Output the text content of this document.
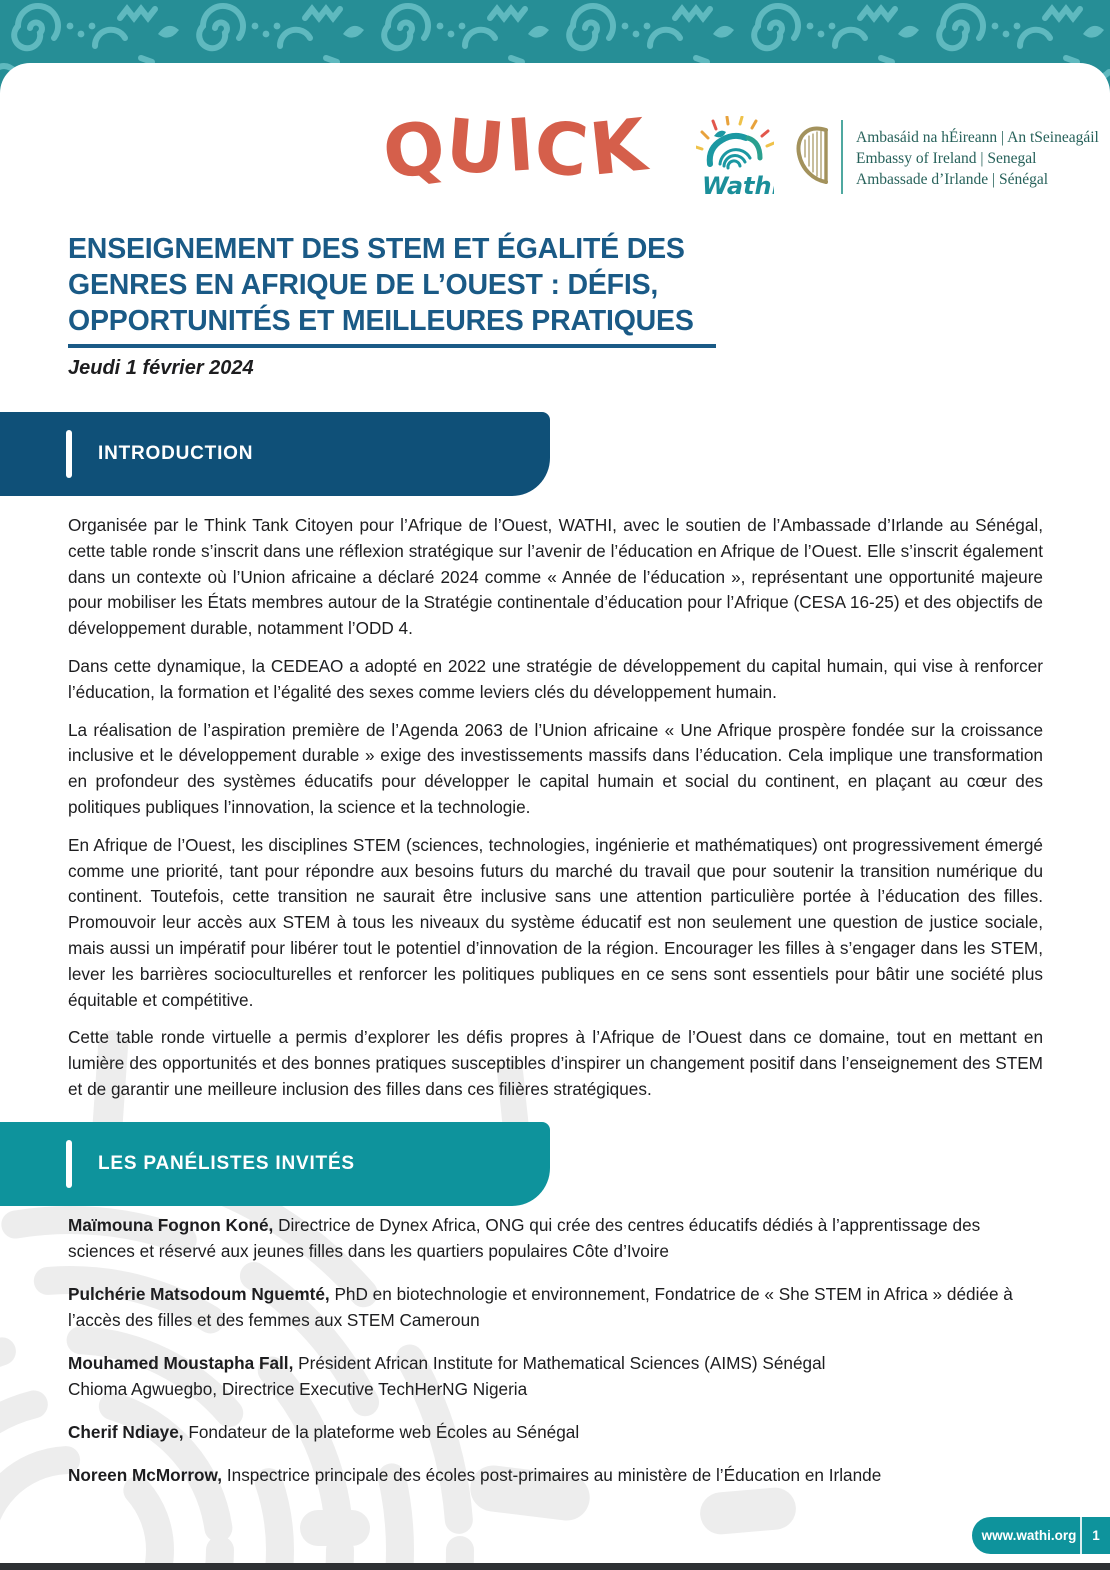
QUICK Wathi
Ambasáid na hÉireann | An tSeineagáil
Embassy of Ireland | Senegal
Ambassade d’Irlande | Sénégal
ENSEIGNEMENT DES STEM ET ÉGALITÉ DES
GENRES EN AFRIQUE DE L’OUEST : DÉFIS,
OPPORTUNITÉS ET MEILLEURES PRATIQUES
Jeudi 1 février 2024
INTRODUCTION

Organisée par le Think Tank Citoyen pour l’Afrique de l’Ouest, WATHI, avec le soutien de l’Ambassade d’Irlande au Sénégal, cette table ronde s’inscrit dans une réflexion stratégique sur l’avenir de l’éducation en Afrique de l’Ouest. Elle s’inscrit également dans un contexte où l’Union africaine a déclaré 2024 comme « Année de l’éducation », représentant une opportunité majeure pour mobiliser les États membres autour de la Stratégie continentale d’éducation pour l’Afrique (CESA 16-25) et des objectifs de développement durable, notamment l’ODD 4.

Dans cette dynamique, la CEDEAO a adopté en 2022 une stratégie de développement du capital humain, qui vise à renforcer l’éducation, la formation et l’égalité des sexes comme leviers clés du développement humain.

La réalisation de l’aspiration première de l’Agenda 2063 de l’Union africaine « Une Afrique prospère fondée sur la croissance inclusive et le développement durable » exige des investissements massifs dans l’éducation. Cela implique une transformation en profondeur des systèmes éducatifs pour développer le capital humain et social du continent, en plaçant au cœur des politiques publiques l’innovation, la science et la technologie.

En Afrique de l’Ouest, les disciplines STEM (sciences, technologies, ingénierie et mathématiques) ont progressivement émergé comme une priorité, tant pour répondre aux besoins futurs du marché du travail que pour soutenir la transition numérique du continent. Toutefois, cette transition ne saurait être inclusive sans une attention particulière portée à l’éducation des filles. Promouvoir leur accès aux STEM à tous les niveaux du système éducatif est non seulement une question de justice sociale, mais aussi un impératif pour libérer tout le potentiel d’innovation de la région. Encourager les filles à s’engager dans les STEM, lever les barrières socioculturelles et renforcer les politiques publiques en ce sens sont essentiels pour bâtir une société plus équitable et compétitive.

Cette table ronde virtuelle a permis d’explorer les défis propres à l’Afrique de l’Ouest dans ce domaine, tout en mettant en lumière des opportunités et des bonnes pratiques susceptibles d’inspirer un changement positif dans l’enseignement des STEM et de garantir une meilleure inclusion des filles dans ces filières stratégiques.

LES PANÉLISTES INVITÉS
Maïmouna Fognon Koné, Directrice de Dynex Africa, ONG qui crée des centres éducatifs dédiés à l’apprentissage des sciences et réservé aux jeunes filles dans les quartiers populaires Côte d’Ivoire
Pulchérie Matsodoum Nguemté, PhD en biotechnologie et environnement, Fondatrice de « She STEM in Africa » dédiée à l’accès des filles et des femmes aux STEM Cameroun
Mouhamed Moustapha Fall, Président African Institute for Mathematical Sciences (AIMS) Sénégal
Chioma Agwuegbo, Directrice Executive TechHerNG Nigeria
Cherif Ndiaye, Fondateur de la plateforme web Écoles au Sénégal
Noreen McMorrow, Inspectrice principale des écoles post-primaires au ministère de l’Éducation en Irlande
www.wathi.org	1
